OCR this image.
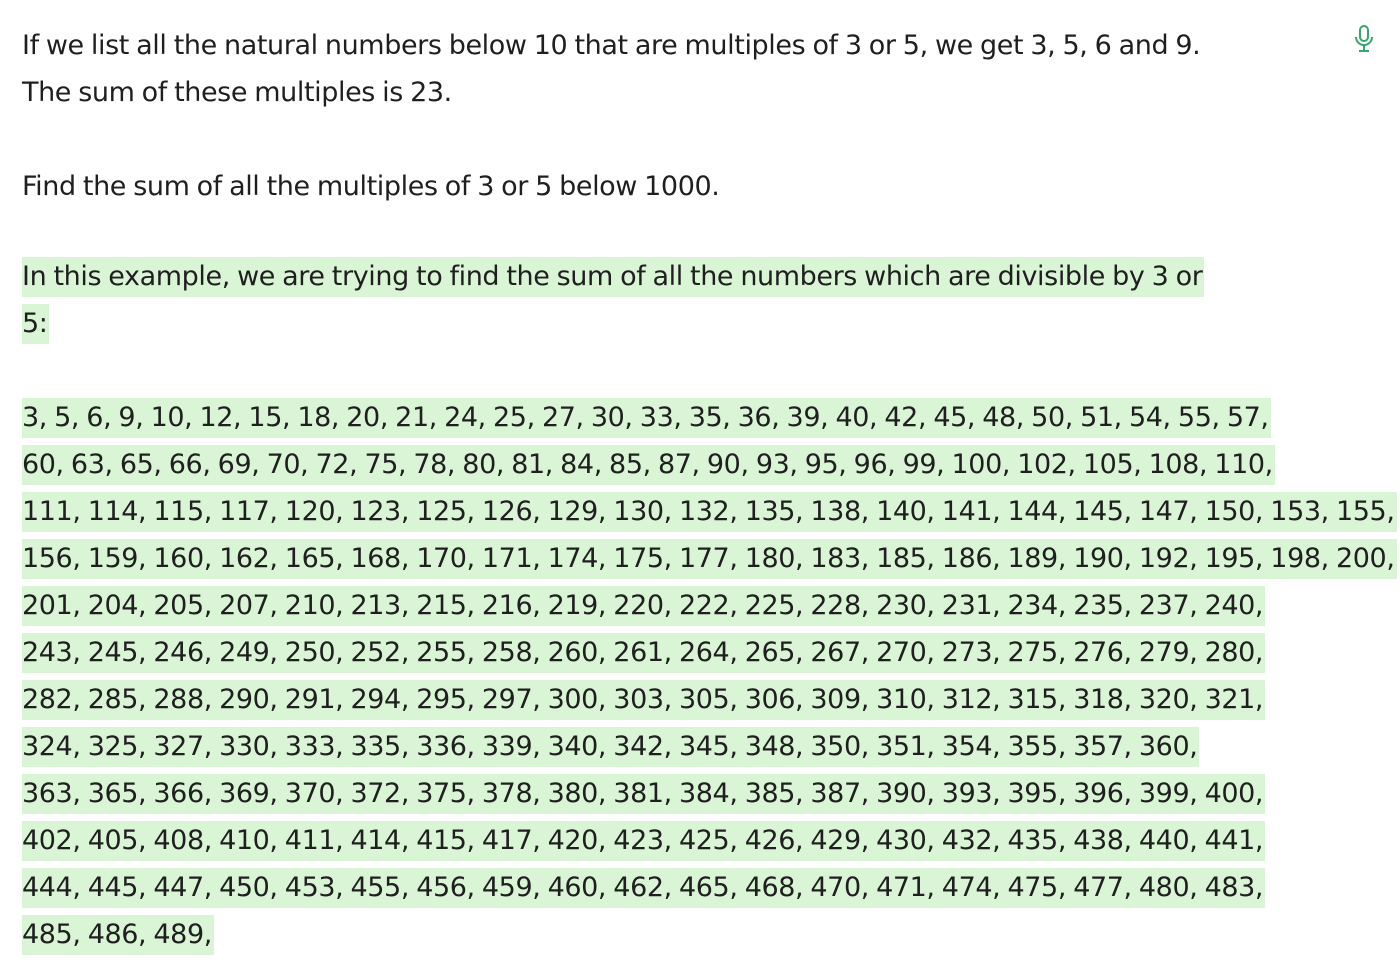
If we list all the natural numbers below 10 that are multiples of 3 or 5, we get 3, 5, 6 and 9.
The sum of these multiples is 23.

Find the sum of all the multiples of 3 or 5 below 1000.

In this example, we are trying to find the sum of all the numbers which are divisible by 3 or
5:
3, 5, 6, 9, 10, 12, 15, 18, 20, 21, 24, 25, 27, 30, 33, 35, 36, 39, 40, 42, 45, 48, 50, 51, 54, 55, 57,
60, 63, 65, 66, 69, 70, 72, 75, 78, 80, 81, 84, 85, 87, 90, 93, 95, 96, 99, 100, 102, 105, 108, 110,
111, 114, 115, 117, 120, 123, 125, 126, 129, 130, 132, 135, 138, 140, 141, 144, 145, 147, 150, 153, 155,
156, 159, 160, 162, 165, 168, 170, 171, 174, 175, 177, 180, 183, 185, 186, 189, 190, 192, 195, 198, 200,
201, 204, 205, 207, 210, 213, 215, 216, 219, 220, 222, 225, 228, 230, 231, 234, 235, 237, 240,
243, 245, 246, 249, 250, 252, 255, 258, 260, 261, 264, 265, 267, 270, 273, 275, 276, 279, 280,
282, 285, 288, 290, 291, 294, 295, 297, 300, 303, 305, 306, 309, 310, 312, 315, 318, 320, 321,
324, 325, 327, 330, 333, 335, 336, 339, 340, 342, 345, 348, 350, 351, 354, 355, 357, 360,
363, 365, 366, 369, 370, 372, 375, 378, 380, 381, 384, 385, 387, 390, 393, 395, 396, 399, 400,
402, 405, 408, 410, 411, 414, 415, 417, 420, 423, 425, 426, 429, 430, 432, 435, 438, 440, 441,
444, 445, 447, 450, 453, 455, 456, 459, 460, 462, 465, 468, 470, 471, 474, 475, 477, 480, 483,
485, 486, 489,
